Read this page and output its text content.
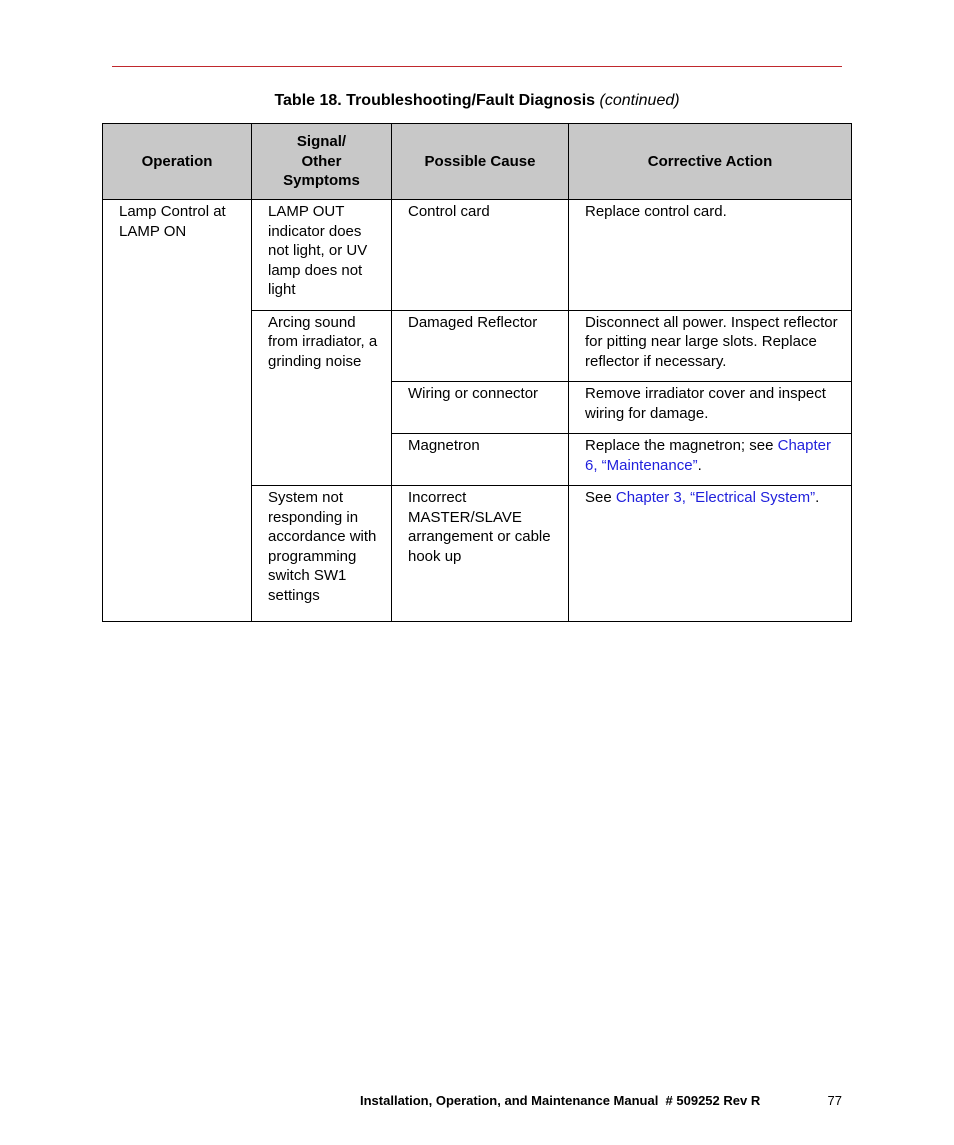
Table 18. Troubleshooting/Fault Diagnosis (continued)
Operation	Signal/ Other Symptoms	Possible Cause	Corrective Action
Lamp Control at LAMP ON	LAMP OUT indicator does not light, or UV lamp does not light	Control card	Replace control card.
	Arcing sound from irradiator, a grinding noise	Damaged Reflector	Disconnect all power. Inspect reflector for pitting near large slots. Replace reflector if necessary.
		Wiring or connector	Remove irradiator cover and inspect wiring for damage.
		Magnetron	Replace the magnetron; see Chapter 6, “Maintenance”.
	System not responding in accordance with programming switch SW1 settings	Incorrect MASTER/SLAVE arrangement or cable hook up	See Chapter 3, “Electrical System”.
Installation, Operation, and Maintenance Manual  # 509252 Rev R	77
